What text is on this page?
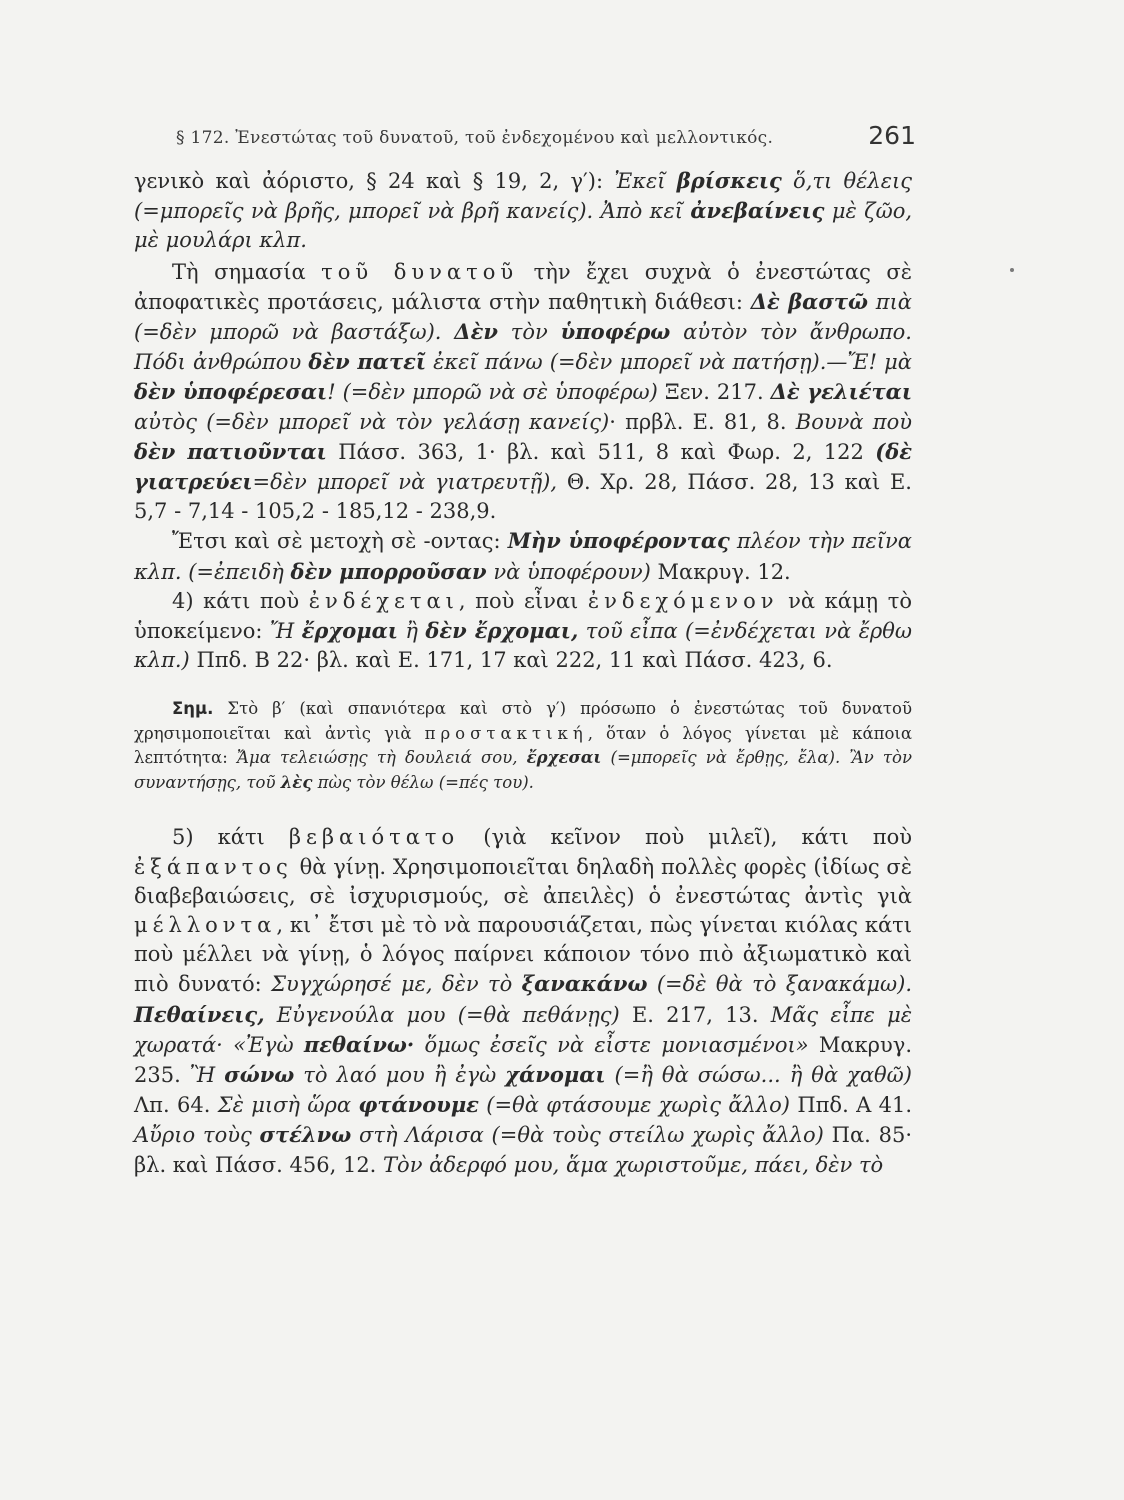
§ 172. Ἐνεστώτας τοῦ δυνατοῦ, τοῦ ἐνδεχομένου καὶ μελλοντικός.	261

γενικὸ καὶ ἀόριστο, § 24 καὶ § 19, 2, γ′): Ἐκεῖ βρίσκεις ὅ,τι θέλεις (=μπορεῖς νὰ βρῆς, μπορεῖ νὰ βρῆ κανείς). Ἀπὸ κεῖ ἀνεβαίνεις μὲ ζῶο, μὲ μουλάρι κλπ.

Τὴ σημασία τοῦ δυνατοῦ τὴν ἔχει συχνὰ ὁ ἐνεστώτας σὲ ἀποφατικὲς προτάσεις, μάλιστα στὴν παθητικὴ διάθεσι: Δὲ βαστῶ πιὰ (=δὲν μπορῶ νὰ βαστάξω). Δὲν τὸν ὑποφέρω αὐτὸν τὸν ἄνθρωπο. Πόδι ἀνθρώπου δὲν πατεῖ ἐκεῖ πάνω (=δὲν μπορεῖ νὰ πατήσῃ).—Ἔ! μὰ δὲν ὑποφέρεσαι! (=δὲν μπορῶ νὰ σὲ ὑποφέρω) Ξεν. 217. Δὲ γελιέται αὐτὸς (=δὲν μπορεῖ νὰ τὸν γελάσῃ κανείς)· πρβλ. Ε. 81, 8. Βουνὰ ποὺ δὲν πατιοῦνται Πάσσ. 363, 1· βλ. καὶ 511, 8 καὶ Φωρ. 2, 122 (δὲ γιατρεύει=δὲν μπορεῖ νὰ γιατρευτῇ), Θ. Χρ. 28, Πάσσ. 28, 13 καὶ Ε. 5,7 - 7,14 - 105,2 - 185,12 - 238,9.

Ἔτσι καὶ σὲ μετοχὴ σὲ -οντας: Μὴν ὑποφέροντας πλέον τὴν πεῖνα κλπ. (=ἐπειδὴ δὲν μπορροῦσαν νὰ ὑποφέρουν) Μακρυγ. 12.

4) κάτι ποὺ ἐνδέχεται, ποὺ εἶναι ἐνδεχόμενον νὰ κάμῃ τὸ ὑποκείμενο: Ἤ ἔρχομαι ἢ δὲν ἔρχομαι, τοῦ εἶπα (=ἐνδέχεται νὰ ἔρθω κλπ.) Ππδ. Β 22· βλ. καὶ Ε. 171, 17 καὶ 222, 11 καὶ Πάσσ. 423, 6.

Σημ. Στὸ β′ (καὶ σπανιότερα καὶ στὸ γ′) πρόσωπο ὁ ἐνεστώτας τοῦ δυνατοῦ χρησιμοποιεῖται καὶ ἀντὶς γιὰ προστακτική, ὅταν ὁ λόγος γίνεται μὲ κάποια λεπτότητα: Ἄμα τελειώσῃς τὴ δουλειά σου, ἔρχεσαι (=μπορεῖς νὰ ἔρθῃς, ἔλα). Ἂν τὸν συναντήσῃς, τοῦ λὲς πὼς τὸν θέλω (=πές του).

5) κάτι βεβαιότατο (γιὰ κεῖνον ποὺ μιλεῖ), κάτι ποὺ ἐξάπαντος θὰ γίνῃ. Χρησιμοποιεῖται δηλαδὴ πολλὲς φορὲς (ἰδίως σὲ διαβεβαιώσεις, σὲ ἰσχυρισμούς, σὲ ἀπειλὲς) ὁ ἐνεστώτας ἀντὶς γιὰ μέλλοντα, κι᾿ ἔτσι μὲ τὸ νὰ παρουσιάζεται, πὼς γίνεται κιόλας κάτι ποὺ μέλλει νὰ γίνῃ, ὁ λόγος παίρνει κάποιον τόνο πιὸ ἀξιωματικὸ καὶ πιὸ δυνατό: Συγχώρησέ με, δὲν τὸ ξανακάνω (=δὲ θὰ τὸ ξανακάμω). Πεθαίνεις, Εὐγενούλα μου (=θὰ πεθάνῃς) Ε. 217, 13. Μᾶς εἶπε μὲ χωρατά· «Ἐγὼ πεθαίνω· ὅμως ἐσεῖς νὰ εἶστε μονιασμένοι» Μακρυγ. 235. Ἢ σώνω τὸ λαό μου ἢ ἐγὼ χάνομαι (=ἢ θὰ σώσω... ἢ θὰ χαθῶ) Λπ. 64. Σὲ μισὴ ὥρα φτάνουμε (=θὰ φτάσουμε χωρὶς ἄλλο) Ππδ. Α 41. Αὔριο τοὺς στέλνω στὴ Λάρισα (=θὰ τοὺς στείλω χωρὶς ἄλλο) Πα. 85· βλ. καὶ Πάσσ. 456, 12. Τὸν ἀδερφό μου, ἅμα χωριστοῦμε, πάει, δὲν τὸ
